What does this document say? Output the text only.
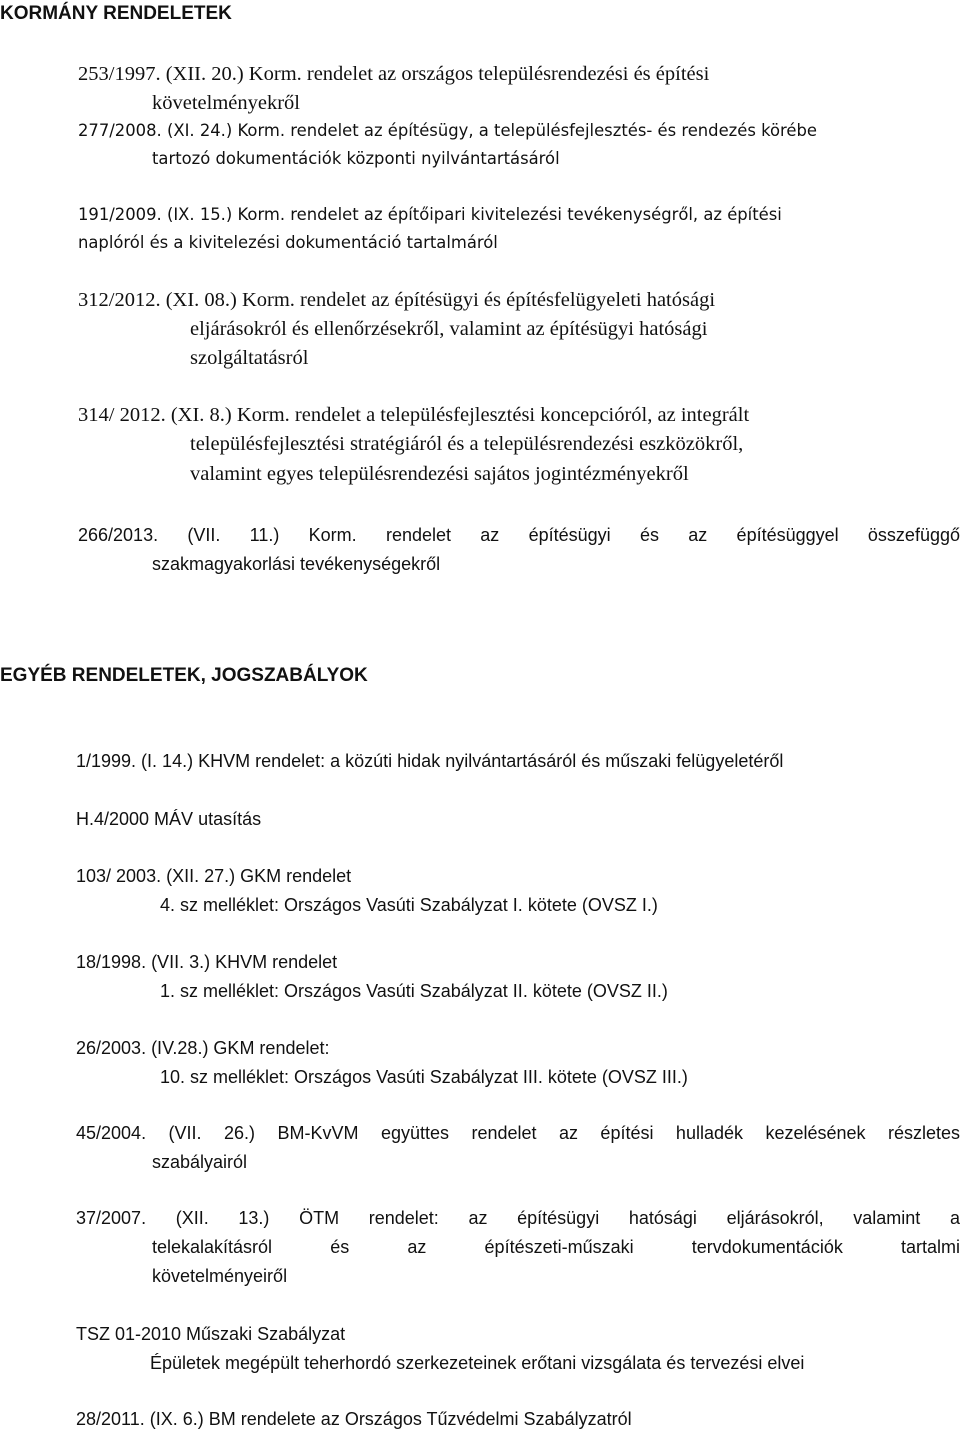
KORMÁNY RENDELETEK
253/1997. (XII. 20.) Korm. rendelet az országos településrendezési és építési
követelményekről
277/2008. (XI. 24.) Korm. rendelet az építésügy, a településfejlesztés- és rendezés körébe
tartozó dokumentációk központi nyilvántartásáról
191/2009. (IX. 15.) Korm. rendelet az építőipari kivitelezési tevékenységről, az építési
naplóról és a kivitelezési dokumentáció tartalmáról
312/2012. (XI. 08.) Korm. rendelet az építésügyi és építésfelügyeleti hatósági
eljárásokról és ellenőrzésekről, valamint az építésügyi hatósági
szolgáltatásról
314/ 2012. (XI. 8.) Korm. rendelet a településfejlesztési koncepcióról, az integrált
településfejlesztési stratégiáról és a településrendezési eszközökről,
valamint egyes településrendezési sajátos jogintézményekről
266/2013. (VII. 11.) Korm. rendelet az építésügyi és az építésüggyel összefüggő
szakmagyakorlási tevékenységekről
EGYÉB RENDELETEK, JOGSZABÁLYOK
1/1999. (I. 14.) KHVM rendelet: a közúti hidak nyilvántartásáról és műszaki felügyeletéről
H.4/2000 MÁV utasítás
103/ 2003. (XII. 27.) GKM rendelet
4. sz melléklet: Országos Vasúti Szabályzat I. kötete (OVSZ I.)
18/1998. (VII. 3.) KHVM rendelet
1. sz melléklet: Országos Vasúti Szabályzat II. kötete (OVSZ II.)
26/2003. (IV.28.) GKM rendelet:
10. sz melléklet: Országos Vasúti Szabályzat III. kötete (OVSZ III.)
45/2004. (VII. 26.) BM-KvVM együttes rendelet az építési hulladék kezelésének részletes
szabályairól
37/2007. (XII. 13.) ÖTM rendelet: az építésügyi hatósági eljárásokról, valamint a
telekalakításról és az építészeti-műszaki tervdokumentációk tartalmi
követelményeiről
TSZ 01-2010 Műszaki Szabályzat
Épületek megépült teherhordó szerkezeteinek erőtani vizsgálata és tervezési elvei
28/2011. (IX. 6.) BM rendelete az Országos Tűzvédelmi Szabályzatról
